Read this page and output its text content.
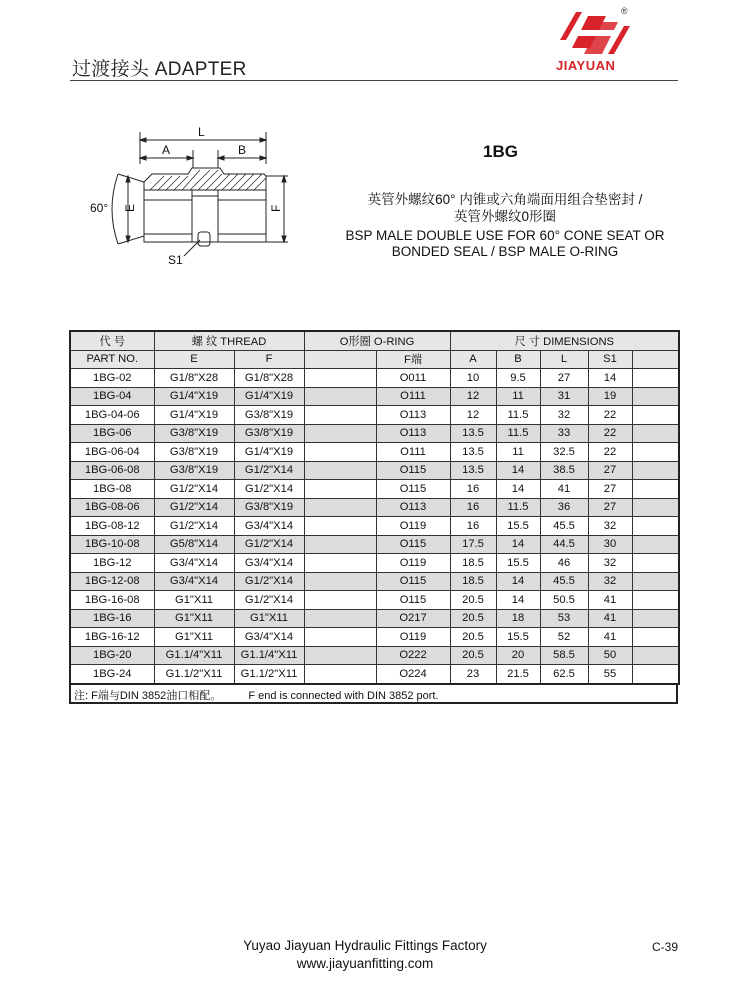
过渡接头 ADAPTER
®
JIAYUAN
L
A	B
E	F
60°
S1
1BG
英管外螺纹60° 内锥或六角端面用组合垫密封 /
英管外螺纹0形圈
BSP MALE DOUBLE USE FOR 60° CONE SEAT OR
BONDED SEAL / BSP MALE O-RING
代 号	螺 纹 THREAD		O形圈 O-RING		尺 寸 DIMENSIONS				
PART NO.	E	F		F端	A	B	L	S1	
1BG-02	G1/8"X28	G1/8"X28		O011	10	9.5	27	14	
1BG-04	G1/4"X19	G1/4"X19		O111	12	11	31	19	
1BG-04-06	G1/4"X19	G3/8"X19		O113	12	11.5	32	22	
1BG-06	G3/8"X19	G3/8"X19		O113	13.5	11.5	33	22	
1BG-06-04	G3/8"X19	G1/4"X19		O111	13.5	11	32.5	22	
1BG-06-08	G3/8"X19	G1/2"X14		O115	13.5	14	38.5	27	
1BG-08	G1/2"X14	G1/2"X14		O115	16	14	41	27	
1BG-08-06	G1/2"X14	G3/8"X19		O113	16	11.5	36	27	
1BG-08-12	G1/2"X14	G3/4"X14		O119	16	15.5	45.5	32	
1BG-10-08	G5/8"X14	G1/2"X14		O115	17.5	14	44.5	30	
1BG-12	G3/4"X14	G3/4"X14		O119	18.5	15.5	46	32	
1BG-12-08	G3/4"X14	G1/2"X14		O115	18.5	14	45.5	32	
1BG-16-08	G1"X11	G1/2"X14		O115	20.5	14	50.5	41	
1BG-16	G1"X11	G1"X11		O217	20.5	18	53	41	
1BG-16-12	G1"X11	G3/4"X14		O119	20.5	15.5	52	41	
1BG-20	G1.1/4"X11	G1.1/4"X11		O222	20.5	20	58.5	50	
1BG-24	G1.1/2"X11	G1.1/2"X11		O224	23	21.5	62.5	55	
注: F端与DIN 3852油口相配。 F end is connected with DIN 3852 port.
Yuyao Jiayuan Hydraulic Fittings Factory
www.jiayuanfitting.com
C-39
